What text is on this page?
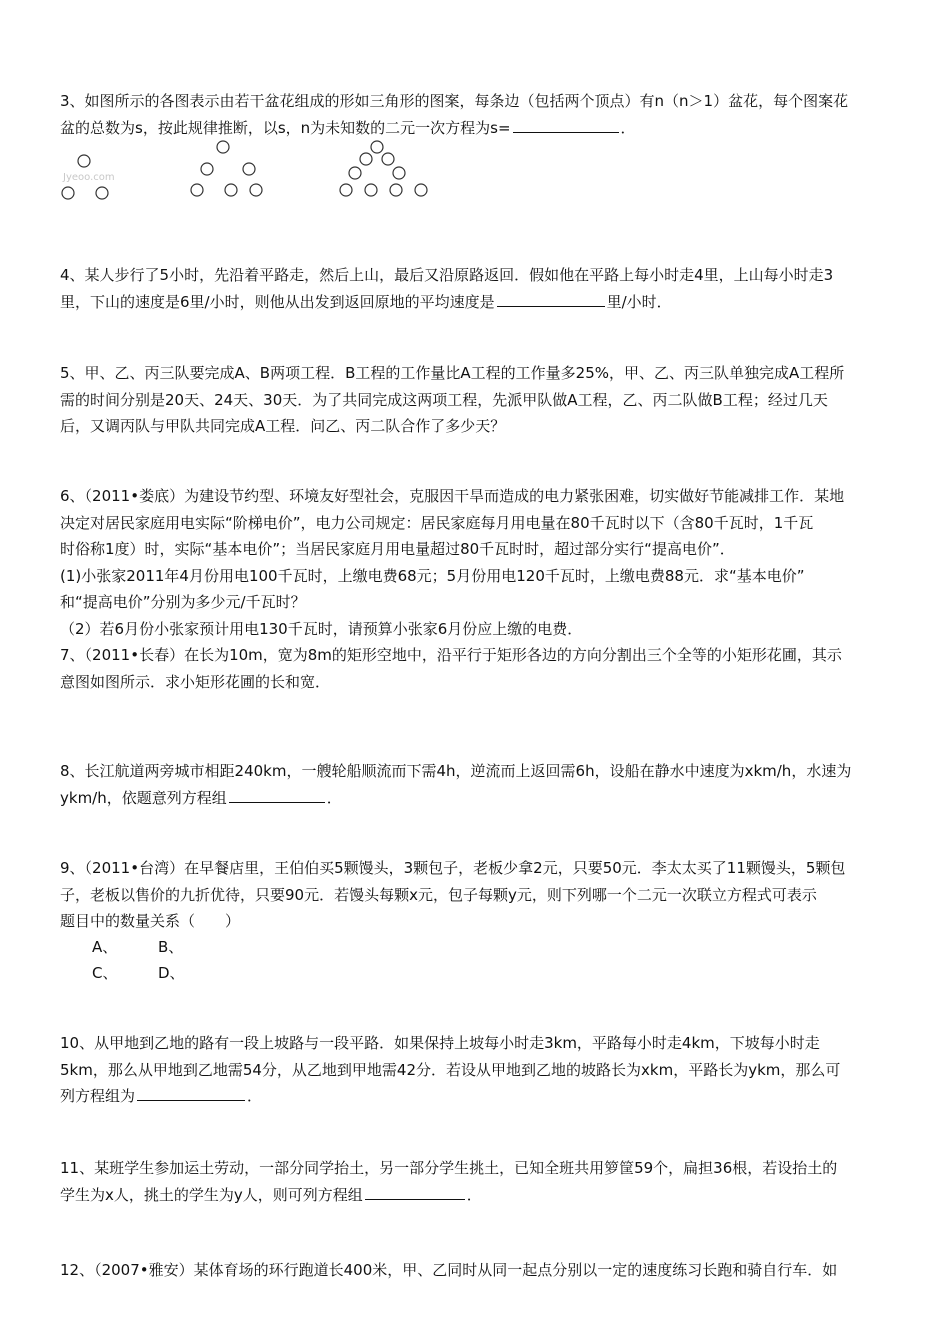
3、如图所示的各图表示由若干盆花组成的形如三角形的图案，每条边（包括两个顶点）有n（n＞1）盆花，每个图案花
盆的总数为s，按此规律推断，以s，n为未知数的二元一次方程为s=	．
Jyeoo.com
4、某人步行了5小时，先沿着平路走，然后上山，最后又沿原路返回．假如他在平路上每小时走4里，上山每小时走3
里，下山的速度是6里/小时，则他从出发到返回原地的平均速度是	里/小时．
5、甲、乙、丙三队要完成A、B两项工程．B工程的工作量比A工程的工作量多25%，甲、乙、丙三队单独完成A工程所
需的时间分别是20天、24天、30天．为了共同完成这两项工程，先派甲队做A工程，乙、丙二队做B工程；经过几天
后，又调丙队与甲队共同完成A工程．问乙、丙二队合作了多少天？
6、（2011•娄底）为建设节约型、环境友好型社会，克服因干旱而造成的电力紧张困难，切实做好节能减排工作．某地
决定对居民家庭用电实际“阶梯电价”，电力公司规定：居民家庭每月用电量在80千瓦时以下（含80千瓦时，1千瓦
时俗称1度）时，实际“基本电价”；当居民家庭月用电量超过80千瓦时时，超过部分实行“提高电价”．
(1)小张家2011年4月份用电100千瓦时，上缴电费68元；5月份用电120千瓦时，上缴电费88元．求“基本电价”
和“提高电价”分别为多少元/千瓦时？
（2）若6月份小张家预计用电130千瓦时，请预算小张家6月份应上缴的电费．
7、（2011•长春）在长为10m，宽为8m的矩形空地中，沿平行于矩形各边的方向分割出三个全等的小矩形花圃，其示
意图如图所示．求小矩形花圃的长和宽．
8、长江航道两旁城市相距240km，一艘轮船顺流而下需4h，逆流而上返回需6h，设船在静水中速度为xkm/h，水速为
ykm/h，依题意列方程组	．
9、（2011•台湾）在早餐店里，王伯伯买5颗馒头，3颗包子，老板少拿2元，只要50元．李太太买了11颗馒头，5颗包
子，老板以售价的九折优待，只要90元．若馒头每颗x元，包子每颗y元，则下列哪一个二元一次联立方程式可表示
题目中的数量关系（　　）
A、	B、
C、	D、
10、从甲地到乙地的路有一段上坡路与一段平路．如果保持上坡每小时走3km，平路每小时走4km，下坡每小时走
5km，那么从甲地到乙地需54分，从乙地到甲地需42分．若设从甲地到乙地的坡路长为xkm，平路长为ykm，那么可
列方程组为	．
11、某班学生参加运土劳动，一部分同学抬土，另一部分学生挑土，已知全班共用箩筐59个，扁担36根，若设抬土的
学生为x人，挑土的学生为y人，则可列方程组	．
12、（2007•雅安）某体育场的环行跑道长400米，甲、乙同时从同一起点分别以一定的速度练习长跑和骑自行车．如
